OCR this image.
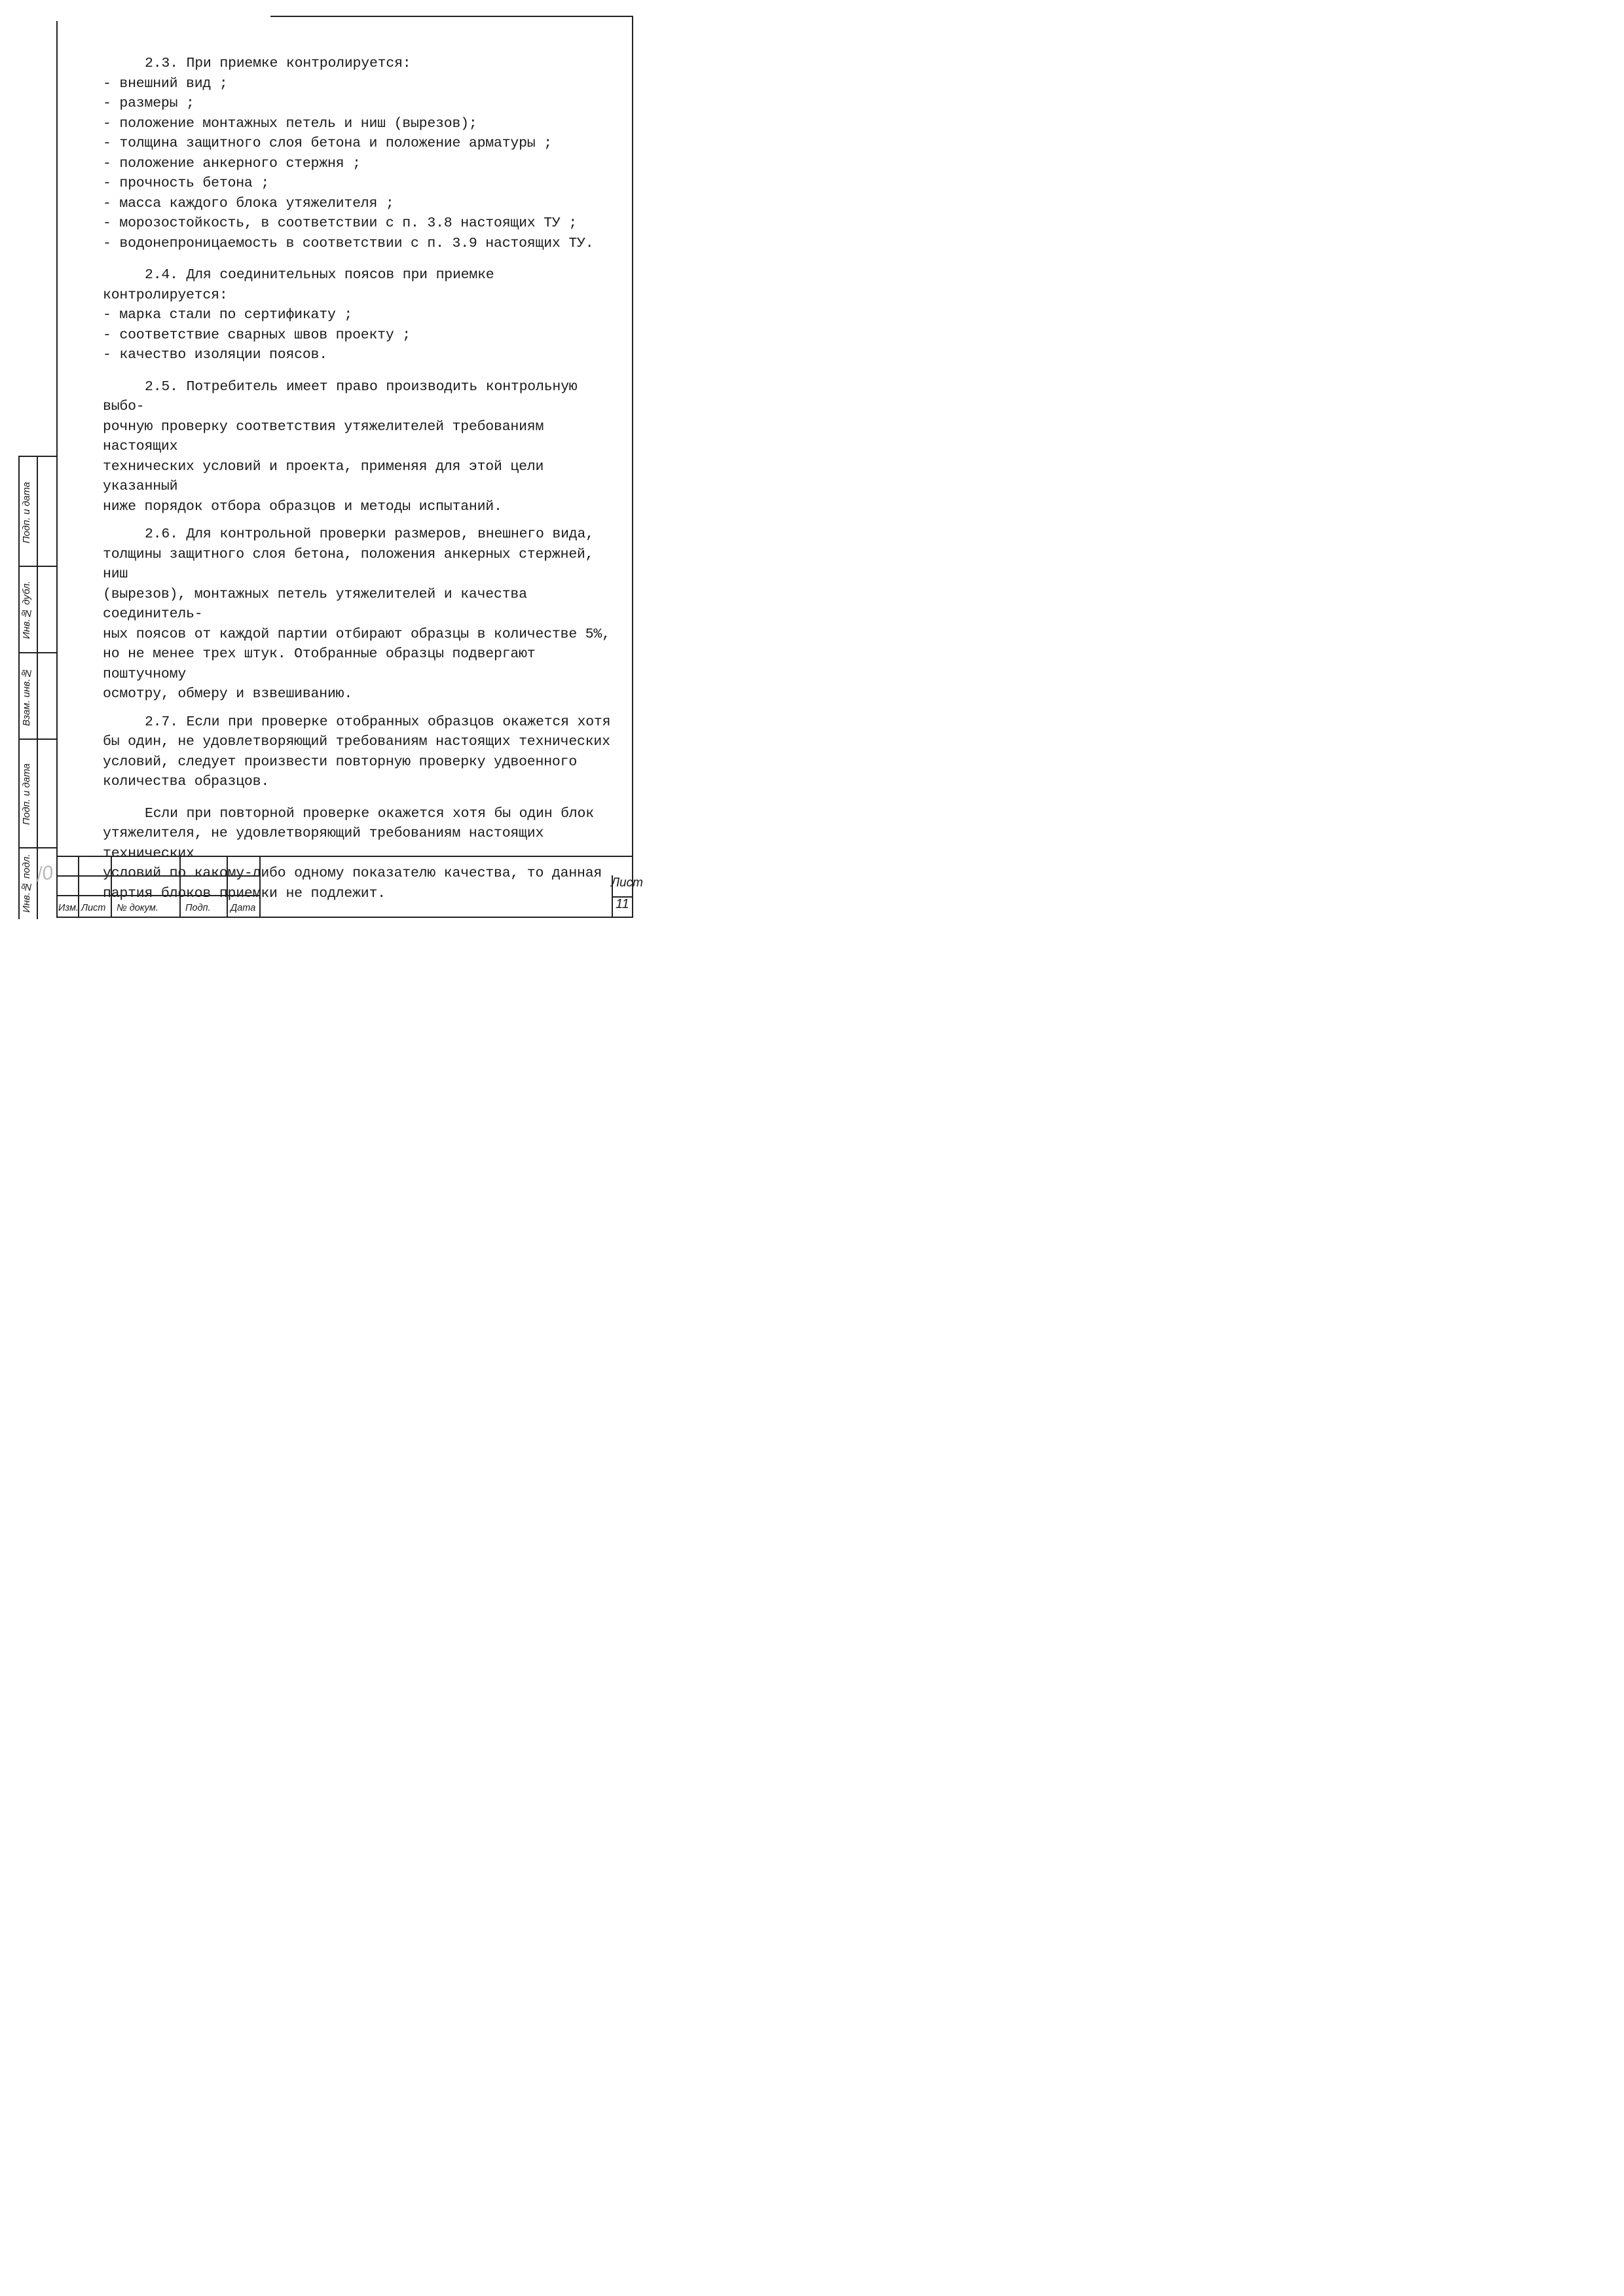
2.3. При приемке контролируется:

- внешний вид ;

- размеры ;

- положение монтажных петель и ниш (вырезов);

- толщина защитного слоя бетона и положение арматуры ;

- положение анкерного стержня ;

- прочность бетона ;

- масса каждого блока утяжелителя ;

- морозостойкость, в соответствии с п. 3.8 настоящих ТУ ;

- водонепроницаемость в соответствии с п. 3.9 настоящих ТУ.

2.4. Для соединительных поясов при приемке контролируется:

- марка стали по сертификату ;

- соответствие сварных швов проекту ;

- качество изоляции поясов.

2.5. Потребитель имеет право производить контрольную выбо-

рочную проверку соответствия утяжелителей требованиям настоящих

технических условий и проекта, применяя для этой цели указанный

ниже порядок отбора образцов и методы испытаний.

2.6. Для контрольной проверки размеров, внешнего вида,

толщины защитного слоя бетона, положения анкерных стержней, ниш

(вырезов), монтажных петель утяжелителей и качества соединитель-

ных поясов от каждой партии отбирают образцы в количестве 5%,

но не менее трех штук. Отобранные образцы подвергают поштучному

осмотру, обмеру и взвешиванию.

2.7. Если при проверке отобранных образцов окажется хотя

бы один, не удовлетворяющий требованиям настоящих технических

условий, следует произвести повторную проверку удвоенного

количества образцов.

Если при повторной проверке окажется хотя бы один блок

утяжелителя, не удовлетворяющий требованиям настоящих технических

условий по какому-либо одному показателю качества, то данная

партия блоков приемки не подлежит.

Подп. и дата
Инв.№ дубл.
Взам. инв.№
Подп. и дата
Инв.№ подл. /0
Изм. Лист № докум.	Подп. Дата
Лист
11
